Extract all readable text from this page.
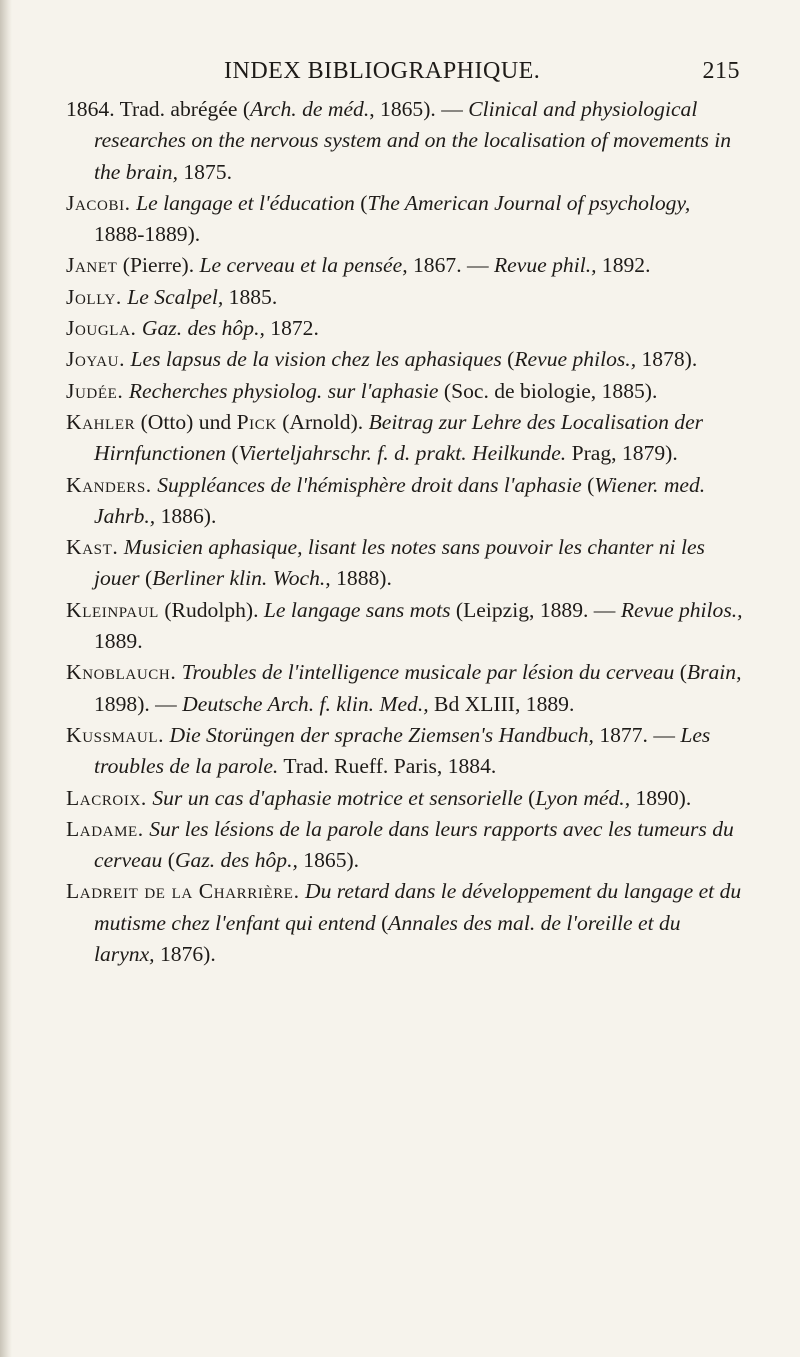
INDEX BIBLIOGRAPHIQUE.	215

1864. Trad. abrégée (Arch. de méd., 1865). — Clinical and physiological researches on the nervous system and on the localisation of movements in the brain, 1875.

Jacobi. Le langage et l'éducation (The American Journal of psychology, 1888-1889).

Janet (Pierre). Le cerveau et la pensée, 1867. — Revue phil., 1892.

Jolly. Le Scalpel, 1885.

Jougla. Gaz. des hôp., 1872.

Joyau. Les lapsus de la vision chez les aphasiques (Revue philos., 1878).

Judée. Recherches physiolog. sur l'aphasie (Soc. de biologie, 1885).

Kahler (Otto) und Pick (Arnold). Beitrag zur Lehre des Localisation der Hirnfunctionen (Vierteljahrschr. f. d. prakt. Heilkunde. Prag, 1879).

Kanders. Suppléances de l'hémisphère droit dans l'aphasie (Wiener. med. Jahrb., 1886).

Kast. Musicien aphasique, lisant les notes sans pouvoir les chanter ni les jouer (Berliner klin. Woch., 1888).

Kleinpaul (Rudolph). Le langage sans mots (Leipzig, 1889. — Revue philos., 1889.

Knoblauch. Troubles de l'intelligence musicale par lésion du cerveau (Brain, 1898). — Deutsche Arch. f. klin. Med., Bd XLIII, 1889.

Kussmaul. Die Storüngen der sprache Ziemsen's Handbuch, 1877. — Les troubles de la parole. Trad. Rueff. Paris, 1884.

Lacroix. Sur un cas d'aphasie motrice et sensorielle (Lyon méd., 1890).

Ladame. Sur les lésions de la parole dans leurs rapports avec les tumeurs du cerveau (Gaz. des hôp., 1865).

Ladreit de la Charrière. Du retard dans le développement du langage et du mutisme chez l'enfant qui entend (Annales des mal. de l'oreille et du larynx, 1876).
